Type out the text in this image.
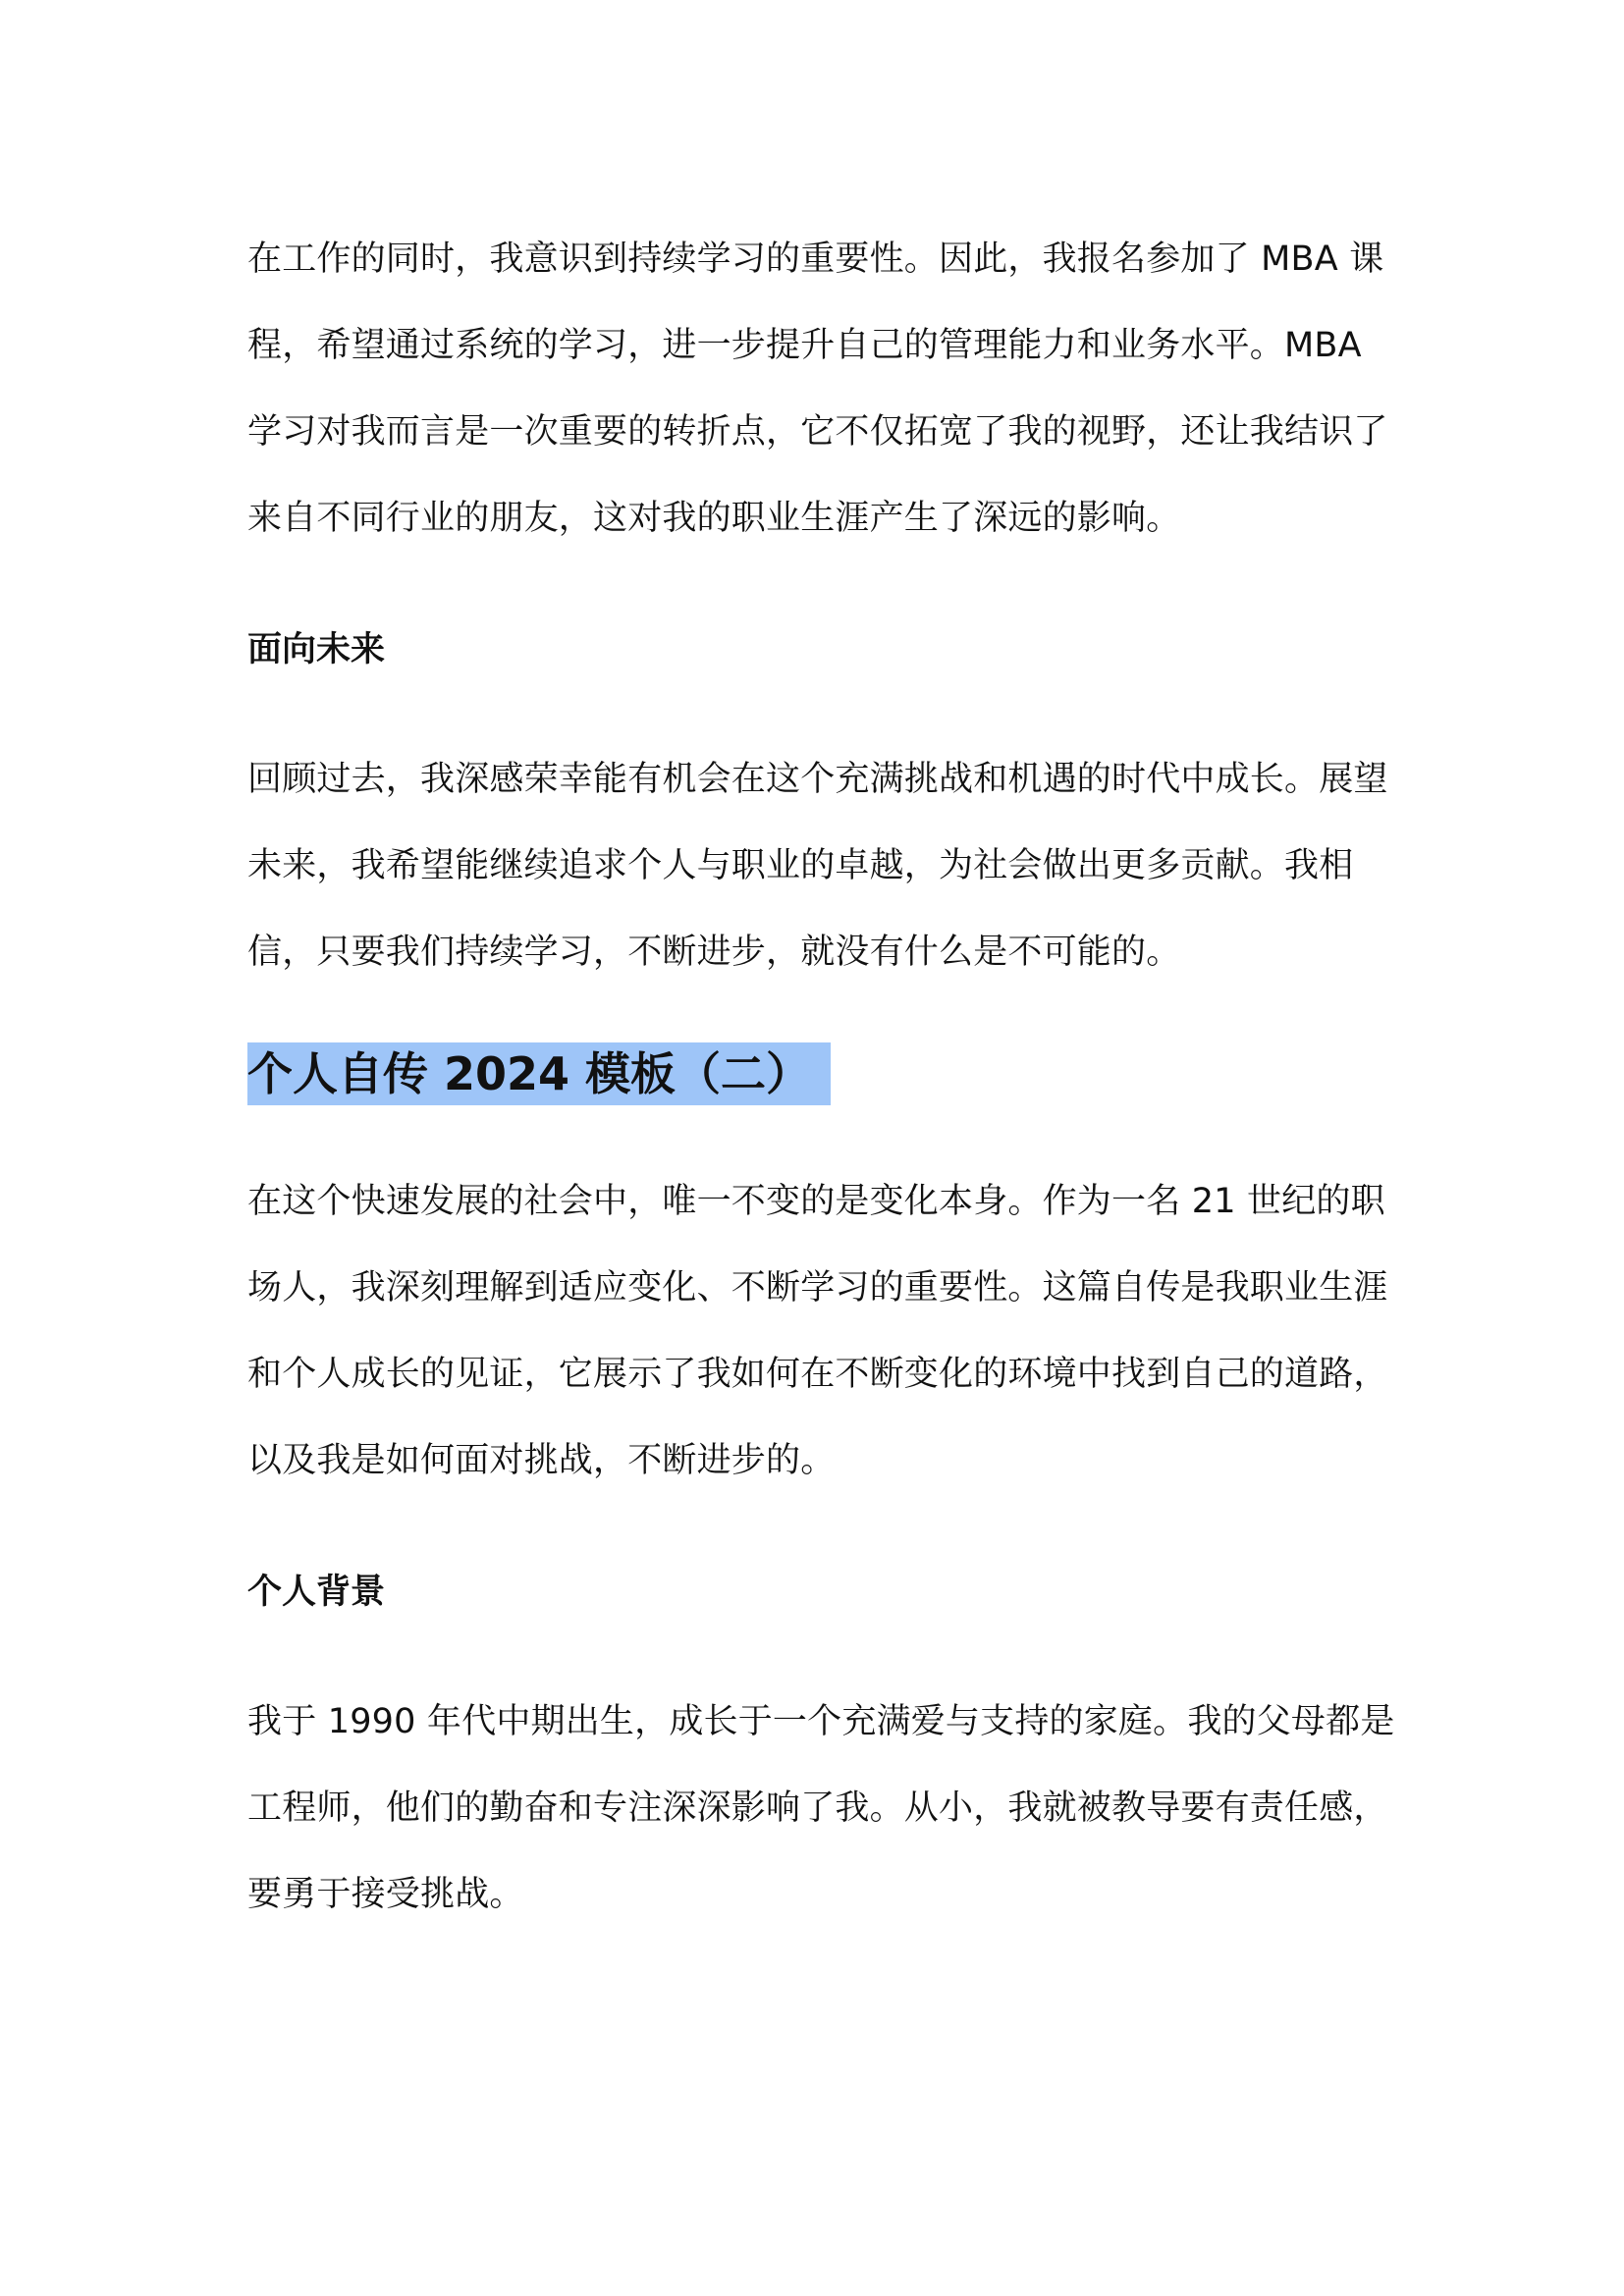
在工作的同时，我意识到持续学习的重要性。因此，我报名参加了 MBA 课程，希望通过系统的学习，进一步提升自己的管理能力和业务水平。MBA 学习对我而言是一次重要的转折点，它不仅拓宽了我的视野，还让我结识了来自不同行业的朋友，这对我的职业生涯产生了深远的影响。

面向未来

回顾过去，我深感荣幸能有机会在这个充满挑战和机遇的时代中成长。展望未来，我希望能继续追求个人与职业的卓越，为社会做出更多贡献。我相信，只要我们持续学习，不断进步，就没有什么是不可能的。

个人自传 2024 模板（二）

在这个快速发展的社会中，唯一不变的是变化本身。作为一名 21 世纪的职场人，我深刻理解到适应变化、不断学习的重要性。这篇自传是我职业生涯和个人成长的见证，它展示了我如何在不断变化的环境中找到自己的道路，以及我是如何面对挑战，不断进步的。

个人背景

我于 1990 年代中期出生，成长于一个充满爱与支持的家庭。我的父母都是工程师，他们的勤奋和专注深深影响了我。从小，我就被教导要有责任感，要勇于接受挑战。
